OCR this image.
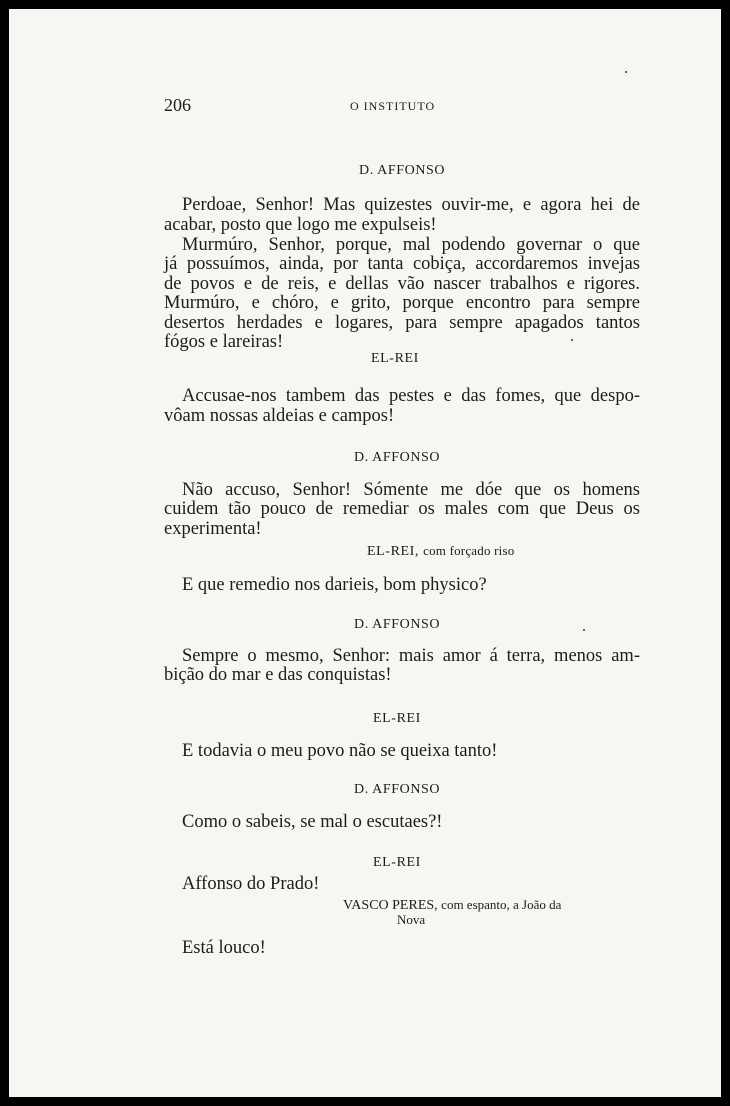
206	O INSTITUTO
D. AFFONSO
Perdoae, Senhor! Mas quizestes ouvir-me, e agora hei de
acabar, posto que logo me expulseis!
Murmúro, Senhor, porque, mal podendo governar o que
já possuímos, ainda, por tanta cobiça, accordaremos invejas
de povos e de reis, e dellas vão nascer trabalhos e rigores.
Murmúro, e chóro, e grito, porque encontro para sempre
desertos herdades e logares, para sempre apagados tantos
fógos e lareiras!
EL-REI
Accusae-nos tambem das pestes e das fomes, que despo-
vôam nossas aldeias e campos!
D. AFFONSO
Não accuso, Senhor! Sómente me dóe que os homens
cuidem tão pouco de remediar os males com que Deus os
experimenta!
EL-REI, com forçado riso
E que remedio nos darieis, bom physico?
D. AFFONSO
Sempre o mesmo, Senhor: mais amor á terra, menos am-
bição do mar e das conquistas!
EL-REI
E todavia o meu povo não se queixa tanto!
D. AFFONSO
Como o sabeis, se mal o escutaes?!
EL-REI
Affonso do Prado!
VASCO PERES, com espanto, a João da
Nova
Está louco!
